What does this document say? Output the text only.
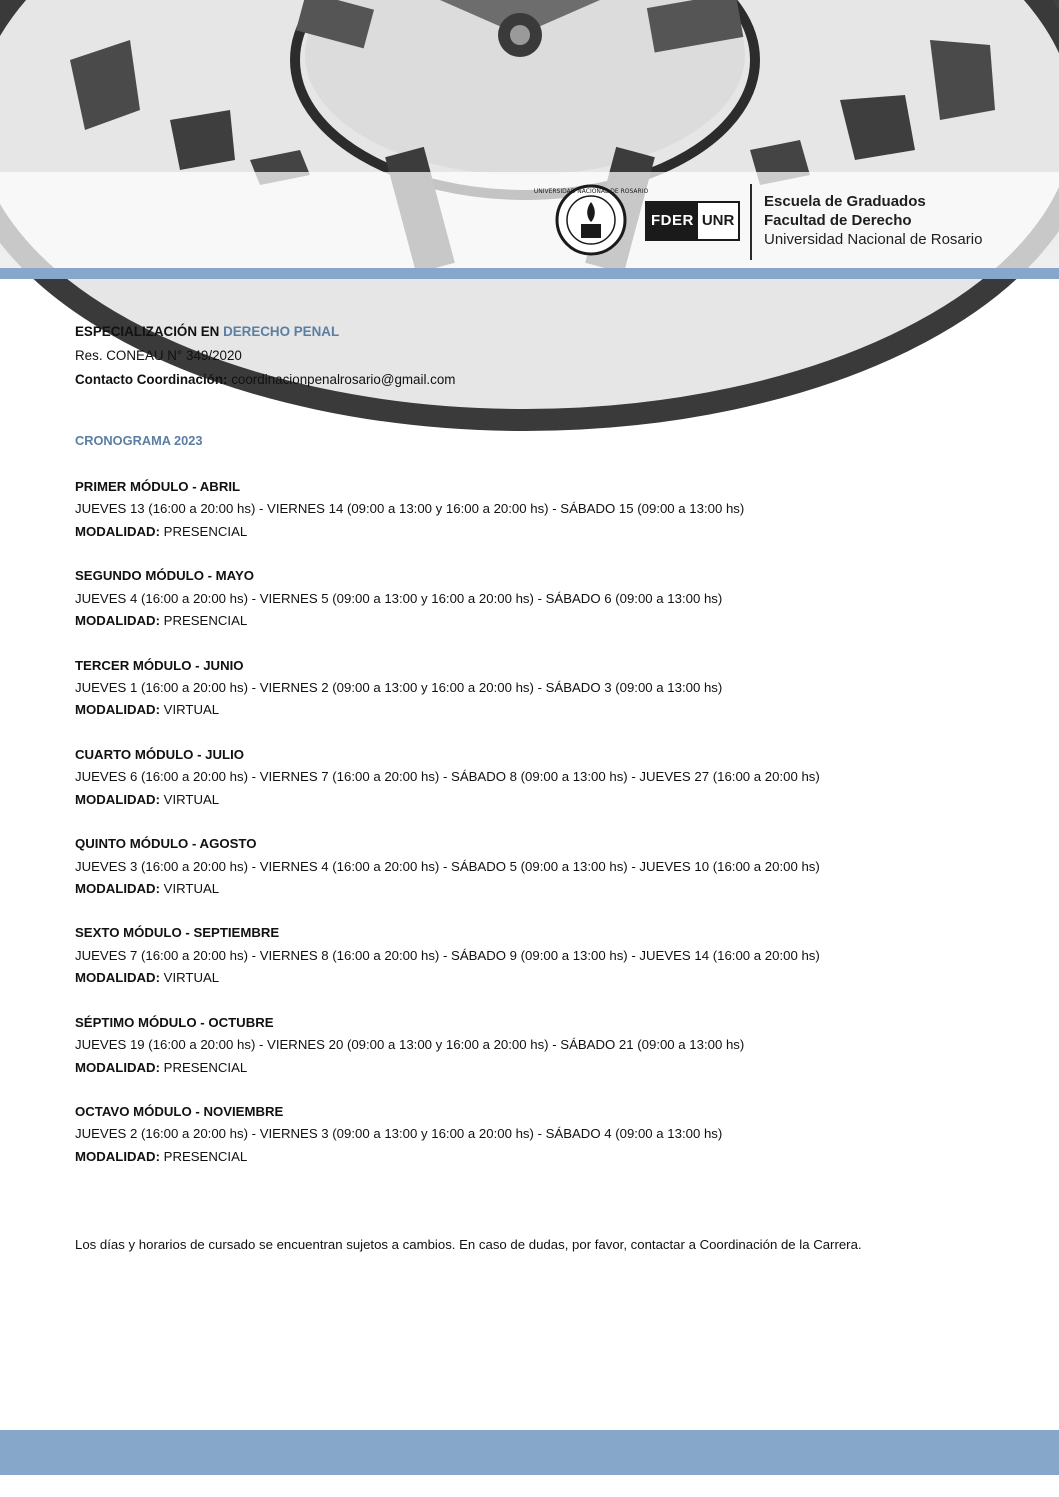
UNIVERSIDAD NACIONAL DE ROSARIO
FDER UNR
Escuela de Graduados
Facultad de Derecho
Universidad Nacional de Rosario
ESPECIALIZACIÓN EN DERECHO PENAL
Res. CONEAU N° 349/2020
Contacto Coordinación: coordinacionpenalrosario@gmail.com
CRONOGRAMA 2023
PRIMER MÓDULO - ABRIL
JUEVES 13 (16:00 a 20:00 hs) - VIERNES 14 (09:00 a 13:00 y 16:00 a 20:00 hs) - SÁBADO 15 (09:00 a 13:00 hs)
MODALIDAD: PRESENCIAL
SEGUNDO MÓDULO - MAYO
JUEVES 4 (16:00 a 20:00 hs) - VIERNES 5 (09:00 a 13:00 y 16:00 a 20:00 hs) - SÁBADO 6 (09:00 a 13:00 hs)
MODALIDAD: PRESENCIAL
TERCER MÓDULO - JUNIO
JUEVES 1 (16:00 a 20:00 hs) - VIERNES 2 (09:00 a 13:00 y 16:00 a 20:00 hs) - SÁBADO 3 (09:00 a 13:00 hs)
MODALIDAD: VIRTUAL
CUARTO MÓDULO - JULIO
JUEVES 6 (16:00 a 20:00 hs) - VIERNES 7 (16:00 a 20:00 hs) - SÁBADO 8 (09:00 a 13:00 hs) - JUEVES 27 (16:00 a 20:00 hs)
MODALIDAD: VIRTUAL
QUINTO MÓDULO - AGOSTO
JUEVES 3 (16:00 a 20:00 hs) - VIERNES 4 (16:00 a 20:00 hs) - SÁBADO 5 (09:00 a 13:00 hs) - JUEVES 10 (16:00 a 20:00 hs)
MODALIDAD: VIRTUAL
SEXTO MÓDULO - SEPTIEMBRE
JUEVES 7 (16:00 a 20:00 hs) - VIERNES 8 (16:00 a 20:00 hs) - SÁBADO 9 (09:00 a 13:00 hs) - JUEVES 14 (16:00 a 20:00 hs)
MODALIDAD: VIRTUAL
SÉPTIMO MÓDULO - OCTUBRE
JUEVES 19 (16:00 a 20:00 hs) - VIERNES 20 (09:00 a 13:00 y 16:00 a 20:00 hs) - SÁBADO 21 (09:00 a 13:00 hs)
MODALIDAD: PRESENCIAL
OCTAVO MÓDULO - NOVIEMBRE
JUEVES 2 (16:00 a 20:00 hs) - VIERNES 3 (09:00 a 13:00 y 16:00 a 20:00 hs) - SÁBADO 4 (09:00 a 13:00 hs)
MODALIDAD: PRESENCIAL
Los días y horarios de cursado se encuentran sujetos a cambios. En caso de dudas, por favor, contactar a Coordinación de la Carrera.
